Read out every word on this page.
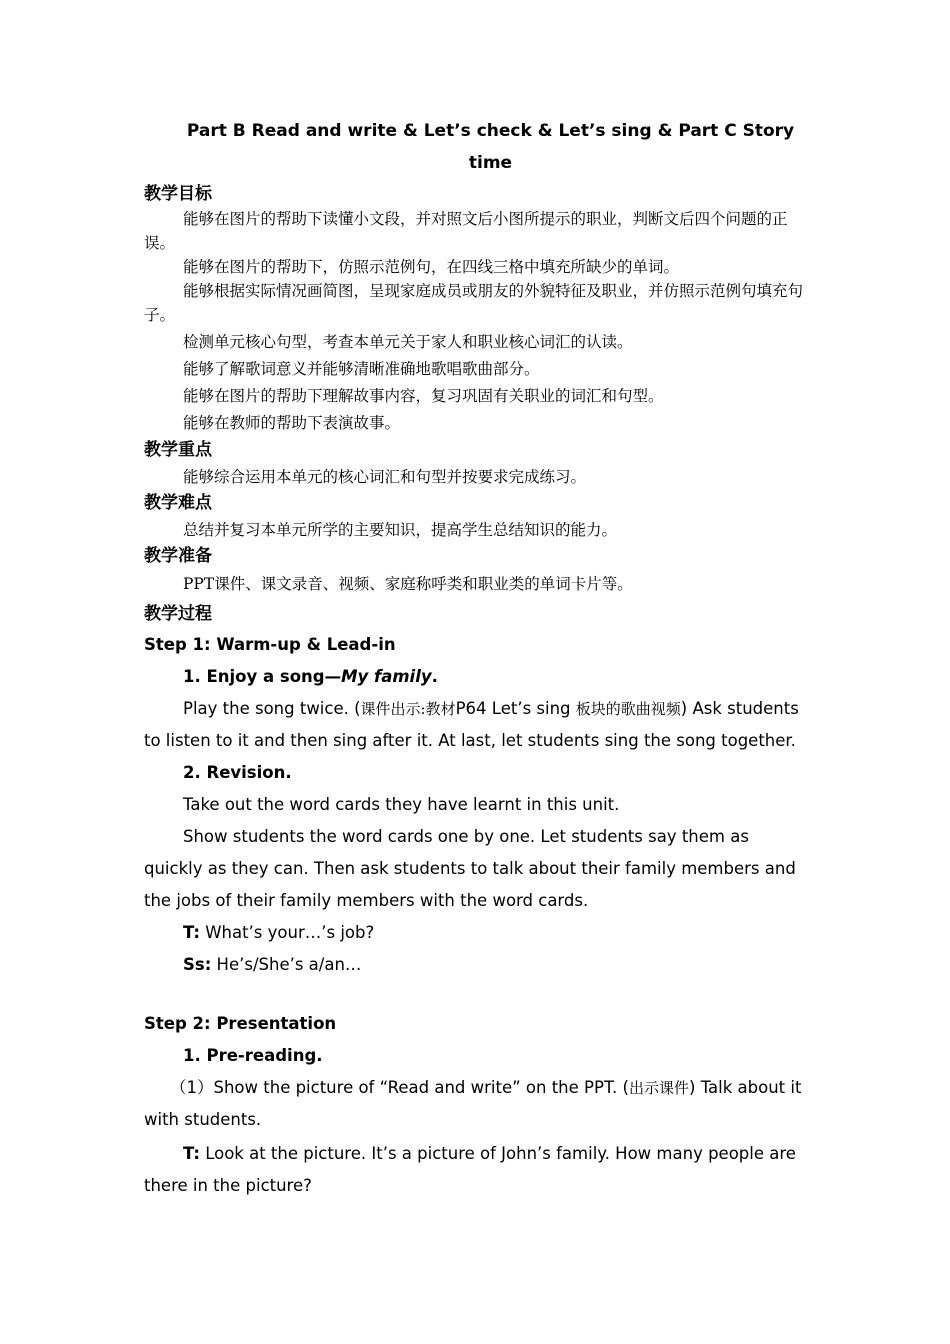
Part B Read and write & Let’s check & Let’s sing & Part C Story time

教学目标

能够在图片的帮助下读懂小文段，并对照文后小图所提示的职业，判断文后四个问题的正误。

能够在图片的帮助下，仿照示范例句，在四线三格中填充所缺少的单词。

能够根据实际情况画简图，呈现家庭成员或朋友的外貌特征及职业，并仿照示范例句填充句子。

检测单元核心句型，考查本单元关于家人和职业核心词汇的认读。

能够了解歌词意义并能够清晰准确地歌唱歌曲部分。

能够在图片的帮助下理解故事内容，复习巩固有关职业的词汇和句型。

能够在教师的帮助下表演故事。

教学重点

能够综合运用本单元的核心词汇和句型并按要求完成练习。

教学难点

总结并复习本单元所学的主要知识，提高学生总结知识的能力。

教学准备

PPT课件、课文录音、视频、家庭称呼类和职业类的单词卡片等。

教学过程

Step 1: Warm-up & Lead-in

1. Enjoy a song—My family.

Play the song twice. (课件出示:教材P64 Let’s sing 板块的歌曲视频) Ask students to listen to it and then sing after it. At last, let students sing the song together.

2. Revision.

Take out the word cards they have learnt in this unit.

Show students the word cards one by one. Let students say them as quickly as they can. Then ask students to talk about their family members and the jobs of their family members with the word cards.

T: What’s your…’s job?

Ss: He’s/She’s a/an…

Step 2: Presentation

1. Pre-reading.

（1）Show the picture of “Read and write” on the PPT. (出示课件) Talk about it with students.

T: Look at the picture. It’s a picture of John’s family. How many people are there in the picture?
